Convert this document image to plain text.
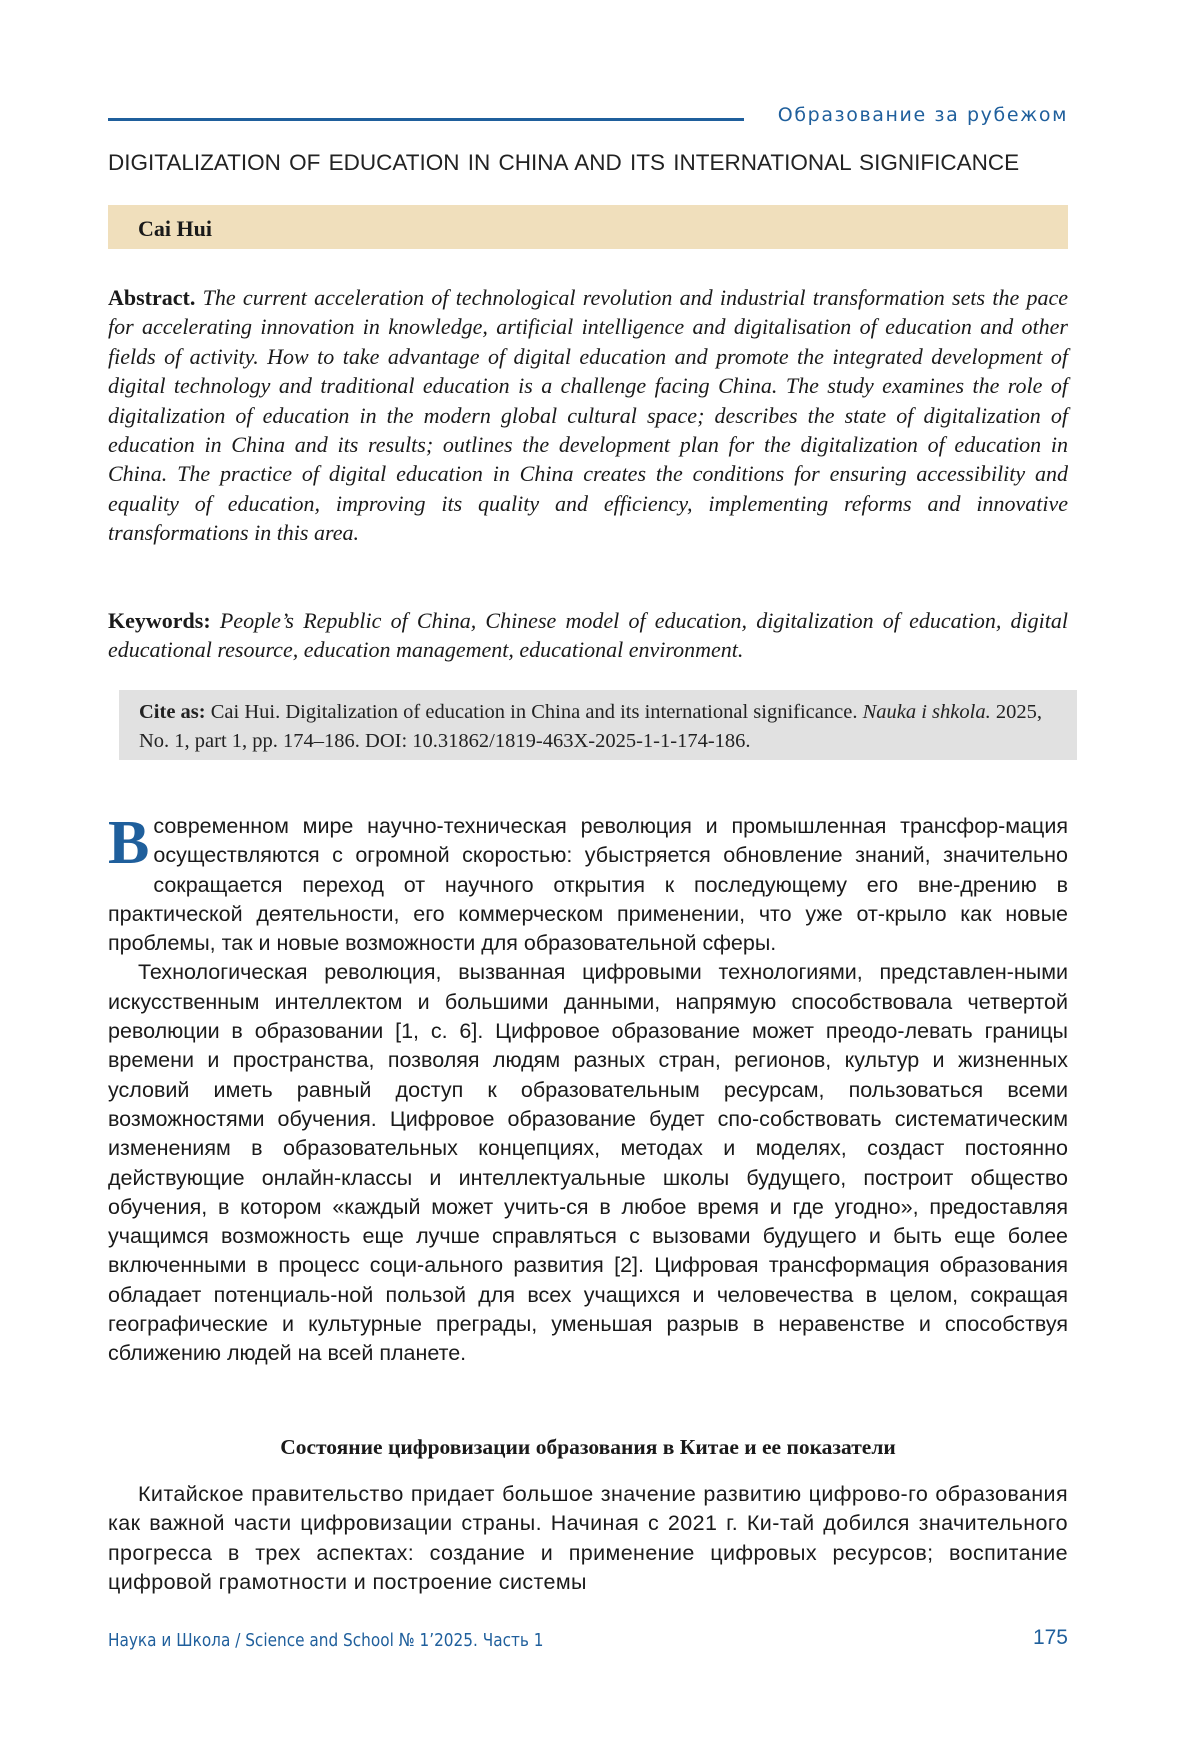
Образование за рубежом
DIGITALIZATION OF EDUCATION IN CHINA AND ITS INTERNATIONAL SIGNIFICANCE
Cai Hui
Abstract. The current acceleration of technological revolution and industrial transformation sets the pace for accelerating innovation in knowledge, artificial intelligence and digitalisation of education and other fields of activity. How to take advantage of digital education and promote the integrated development of digital technology and traditional education is a challenge facing China. The study examines the role of digitalization of education in the modern global cultural space; describes the state of digitalization of education in China and its results; outlines the development plan for the digitalization of education in China. The practice of digital education in China creates the conditions for ensuring accessibility and equality of education, improving its quality and efficiency, implementing reforms and innovative transformations in this area.
Keywords: People’s Republic of China, Chinese model of education, digitalization of education, digital educational resource, education management, educational environment.
Cite as: Cai Hui. Digitalization of education in China and its international significance. Nauka i shkola. 2025, No. 1, part 1, pp. 174–186. DOI: 10.31862/1819-463X-2025-1-1-174-186.

Всовременном мире научно-техническая революция и промышленная трансфор-мация осуществляются с огромной скоростью: убыстряется обновление знаний, значительно сокращается переход от научного открытия к последующему его вне-дрению в практической деятельности, его коммерческом применении, что уже от-крыло как новые проблемы, так и новые возможности для образовательной сферы.

Технологическая революция, вызванная цифровыми технологиями, представлен-ными искусственным интеллектом и большими данными, напрямую способствовала четвертой революции в образовании [1, с. 6]. Цифровое образование может преодо-левать границы времени и пространства, позволяя людям разных стран, регионов, культур и жизненных условий иметь равный доступ к образовательным ресурсам, пользоваться всеми возможностями обучения. Цифровое образование будет спо-собствовать систематическим изменениям в образовательных концепциях, методах и моделях, создаст постоянно действующие онлайн-классы и интеллектуальные школы будущего, построит общество обучения, в котором «каждый может учить-ся в любое время и где угодно», предоставляя учащимся возможность еще лучше справляться с вызовами будущего и быть еще более включенными в процесс соци-ального развития [2]. Цифровая трансформация образования обладает потенциаль-ной пользой для всех учащихся и человечества в целом, сокращая географические и культурные преграды, уменьшая разрыв в неравенстве и способствуя сближению людей на всей планете.

Состояние цифровизации образования в Китае и ее показатели

Китайское правительство придает большое значение развитию цифрово-го образования как важной части цифровизации страны. Начиная с 2021 г. Ки-тай добился значительного прогресса в трех аспектах: создание и применение цифровых ресурсов; воспитание цифровой грамотности и построение системы

Наука и Школа / Science and School № 1’2025. Часть 1	175
